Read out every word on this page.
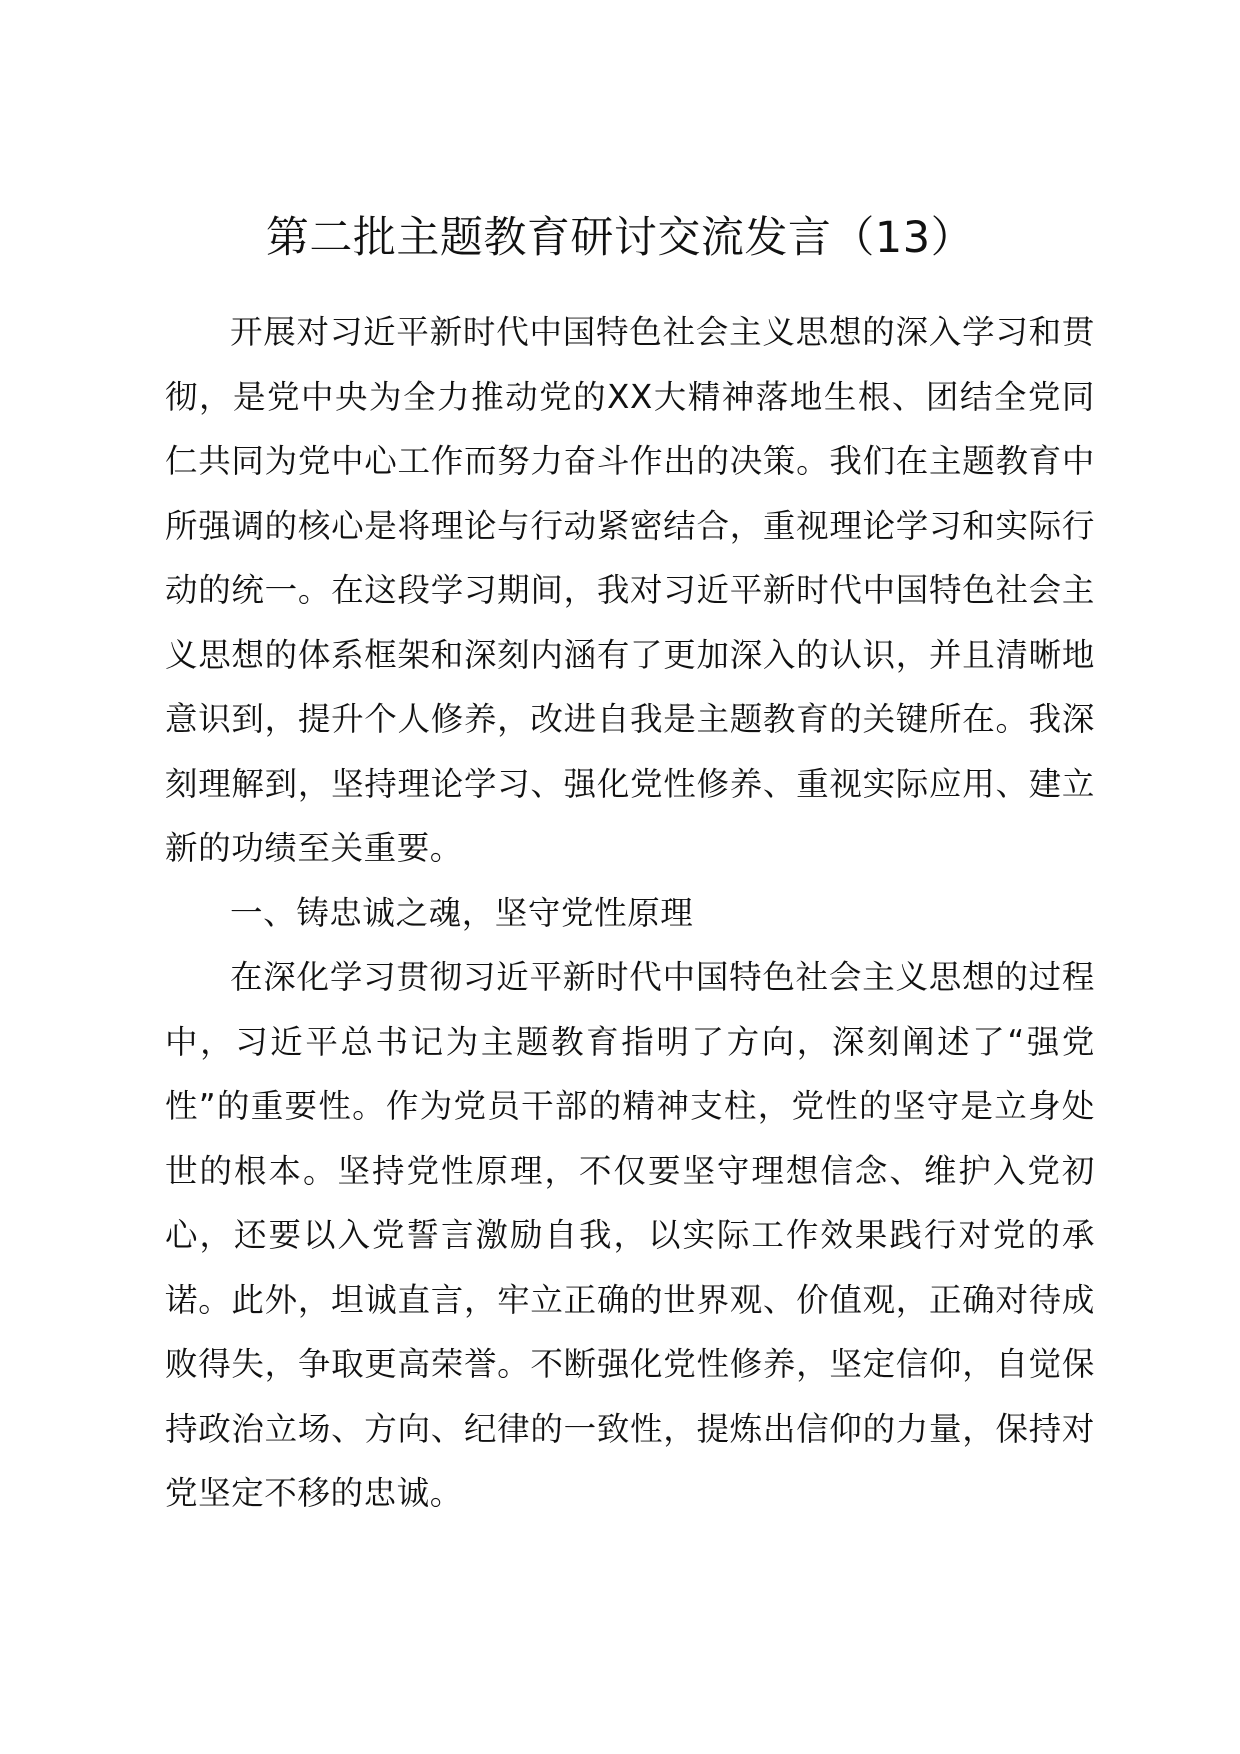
第二批主题教育研讨交流发言（13）

开展对习近平新时代中国特色社会主义思想的深入学习和贯彻，是党中央为全力推动党的XX大精神落地生根、团结全党同仁共同为党中心工作而努力奋斗作出的决策。我们在主题教育中所强调的核心是将理论与行动紧密结合，重视理论学习和实际行动的统一。在这段学习期间，我对习近平新时代中国特色社会主义思想的体系框架和深刻内涵有了更加深入的认识，并且清晰地意识到，提升个人修养，改进自我是主题教育的关键所在。我深刻理解到，坚持理论学习、强化党性修养、重视实际应用、建立新的功绩至关重要。

一、铸忠诚之魂，坚守党性原理

在深化学习贯彻习近平新时代中国特色社会主义思想的过程中，习近平总书记为主题教育指明了方向，深刻阐述了“强党性”的重要性。作为党员干部的精神支柱，党性的坚守是立身处世的根本。坚持党性原理，不仅要坚守理想信念、维护入党初心，还要以入党誓言激励自我，以实际工作效果践行对党的承诺。此外，坦诚直言，牢立正确的世界观、价值观，正确对待成败得失，争取更高荣誉。不断强化党性修养，坚定信仰，自觉保持政治立场、方向、纪律的一致性，提炼出信仰的力量，保持对党坚定不移的忠诚。
